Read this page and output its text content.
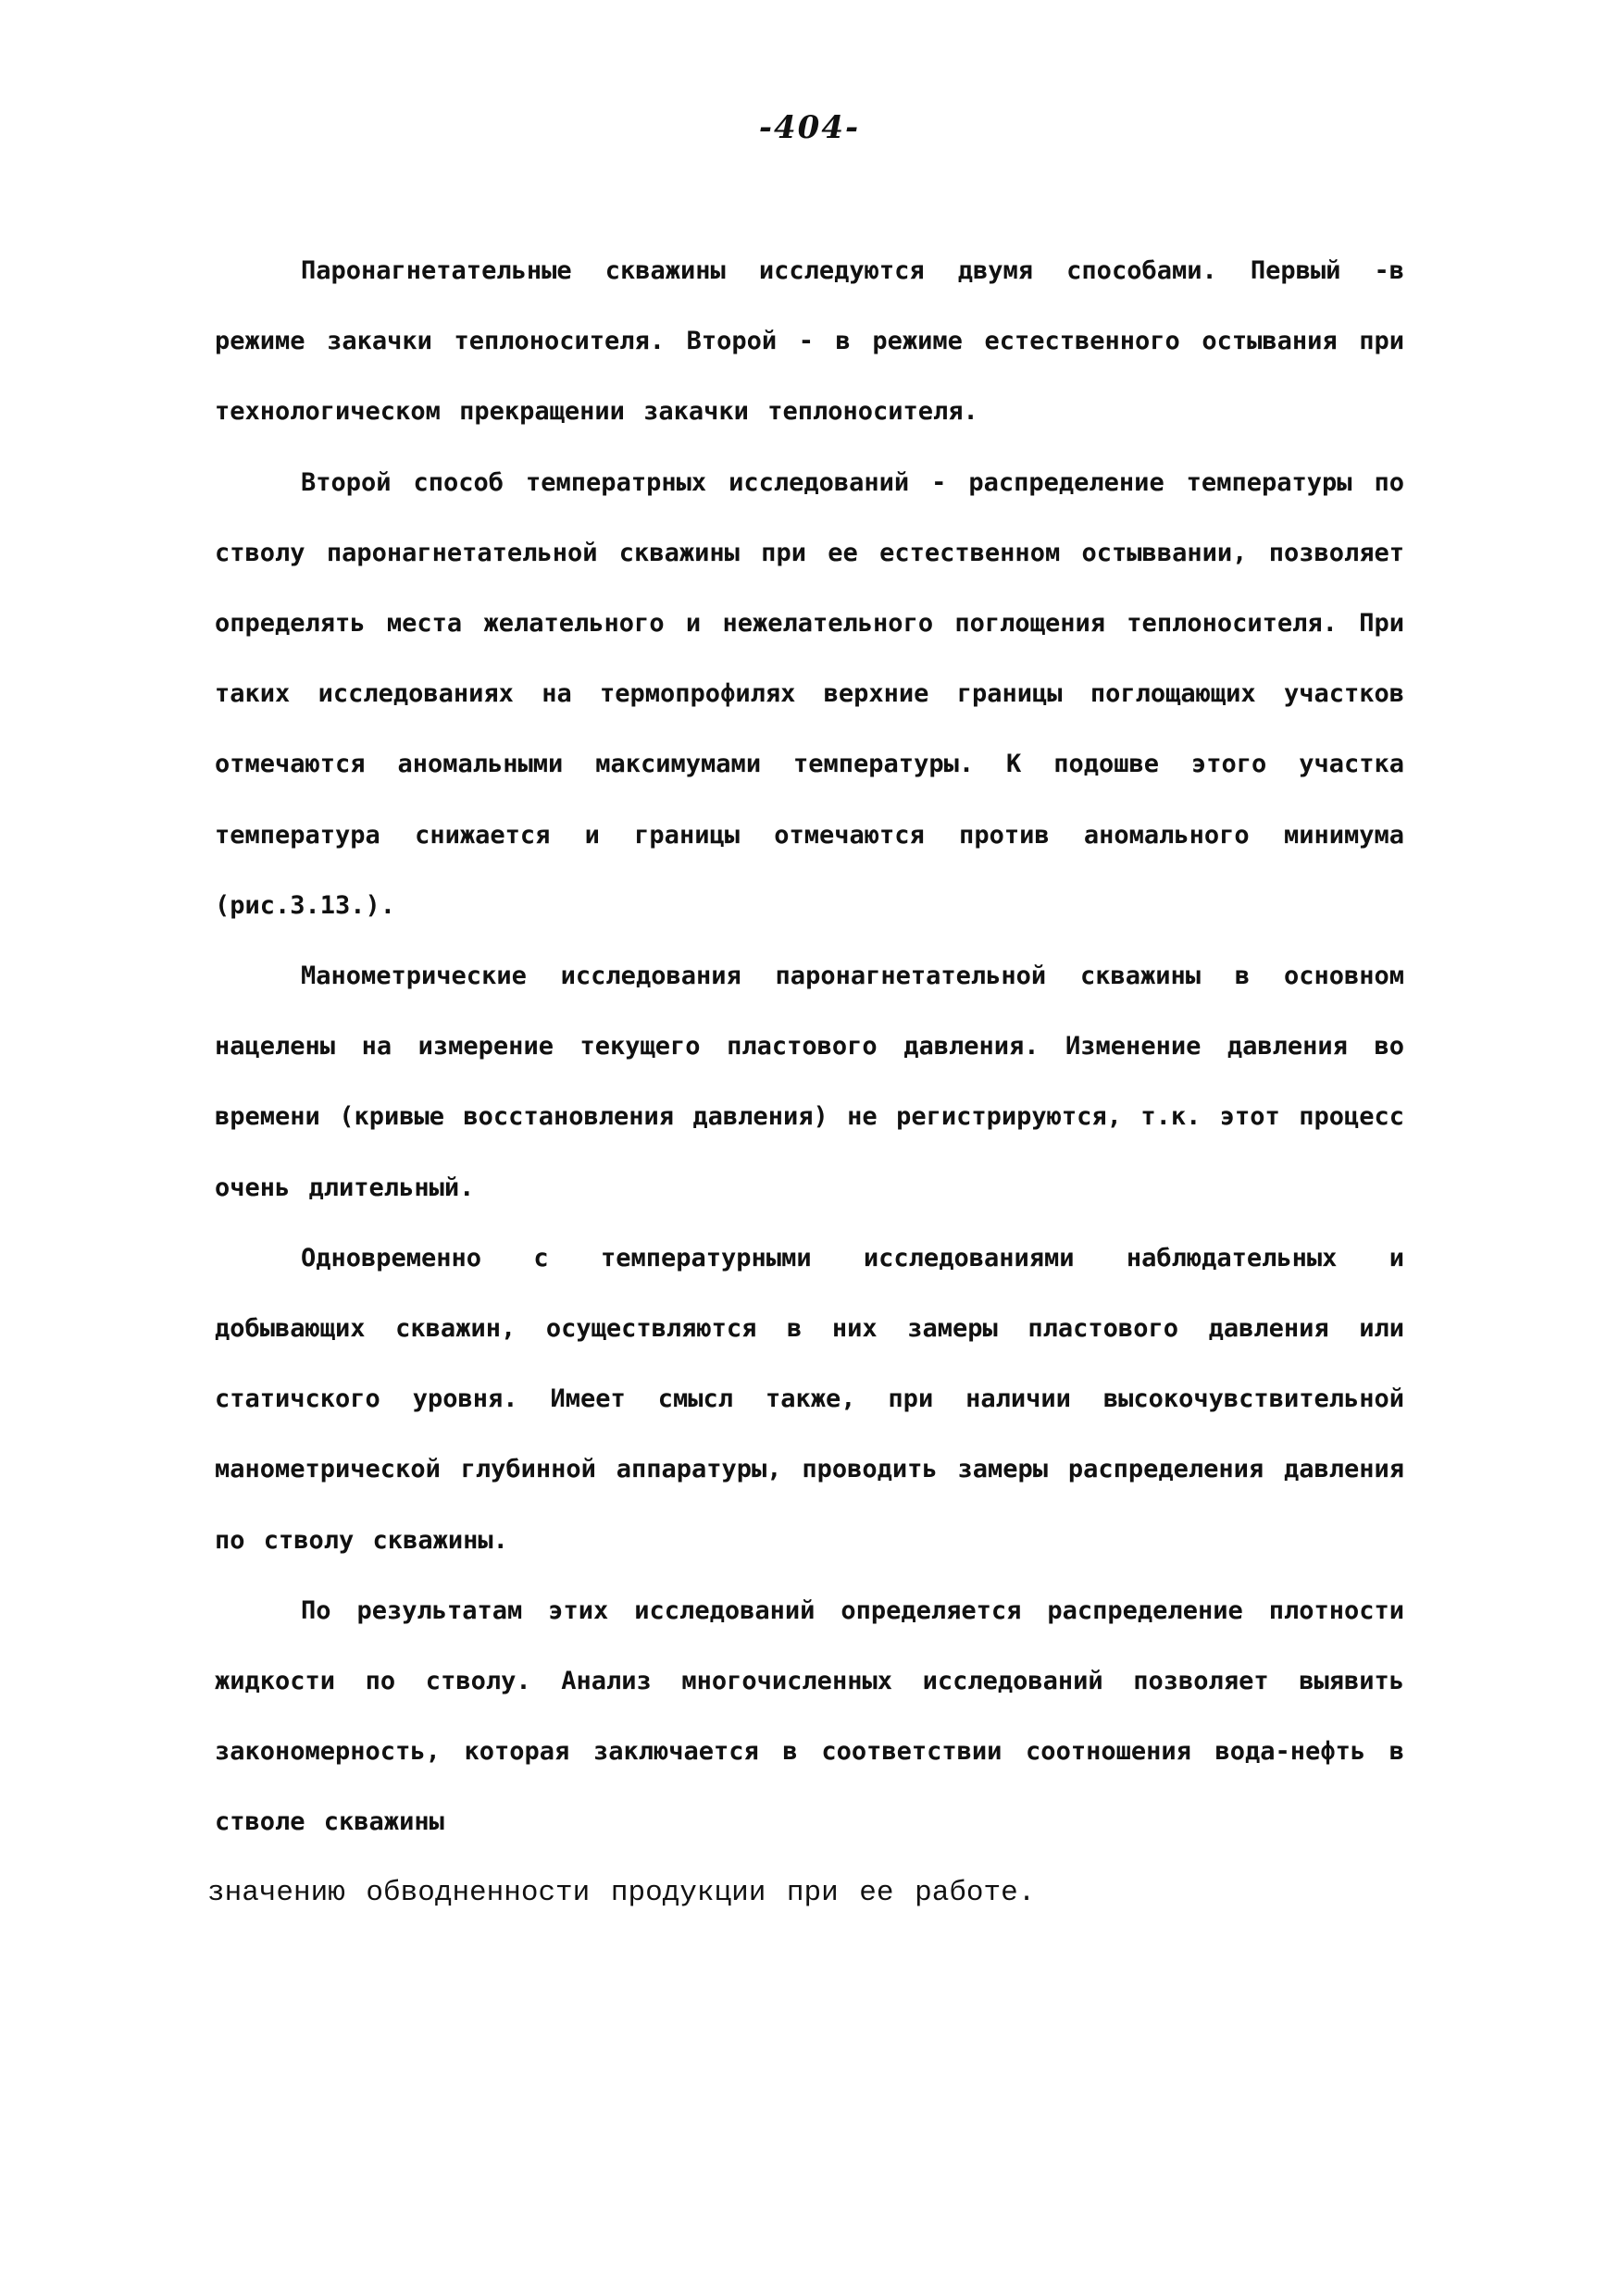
-404-

Паронагнетательные скважины исследуются двумя способами. Первый -в режиме закачки теплоносителя. Второй - в режиме естественного остывания при технологическом прекращении закачки теплоносителя.

Второй способ температрных исследований - распределение температуры по стволу паронагнетательной скважины при ее естественном остыввании, позволяет определять места желательного и нежелательного поглощения теплоносителя. При таких исследованиях на термопрофилях верхние границы поглощающих участков отмечаются аномальными максимумами температуры. К подошве этого участка температура снижается и границы отмечаются против аномального минимума (рис.3.13.).

Манометрические исследования паронагнетательной скважины в основном нацелены на измерение текущего пластового давления. Изменение давления во времени (кривые восстановления давления) не регистрируются, т.к. этот процесс очень длительный.

Одновременно с температурными исследованиями наблюдательных и добывающих скважин, осуществляются в них замеры пластового давления или статичского уровня. Имеет смысл также, при наличии высокочувствительной манометрической глубинной аппаратуры, проводить замеры распределения давления по стволу скважины.

По результатам этих исследований определяется распределение плотности жидкости по стволу. Анализ многочисленных исследований позволяет выявить закономерность, которая заключается в соответствии соотношения вода-нефть в стволе скважины

значению обводненности продукции при ее работе.
